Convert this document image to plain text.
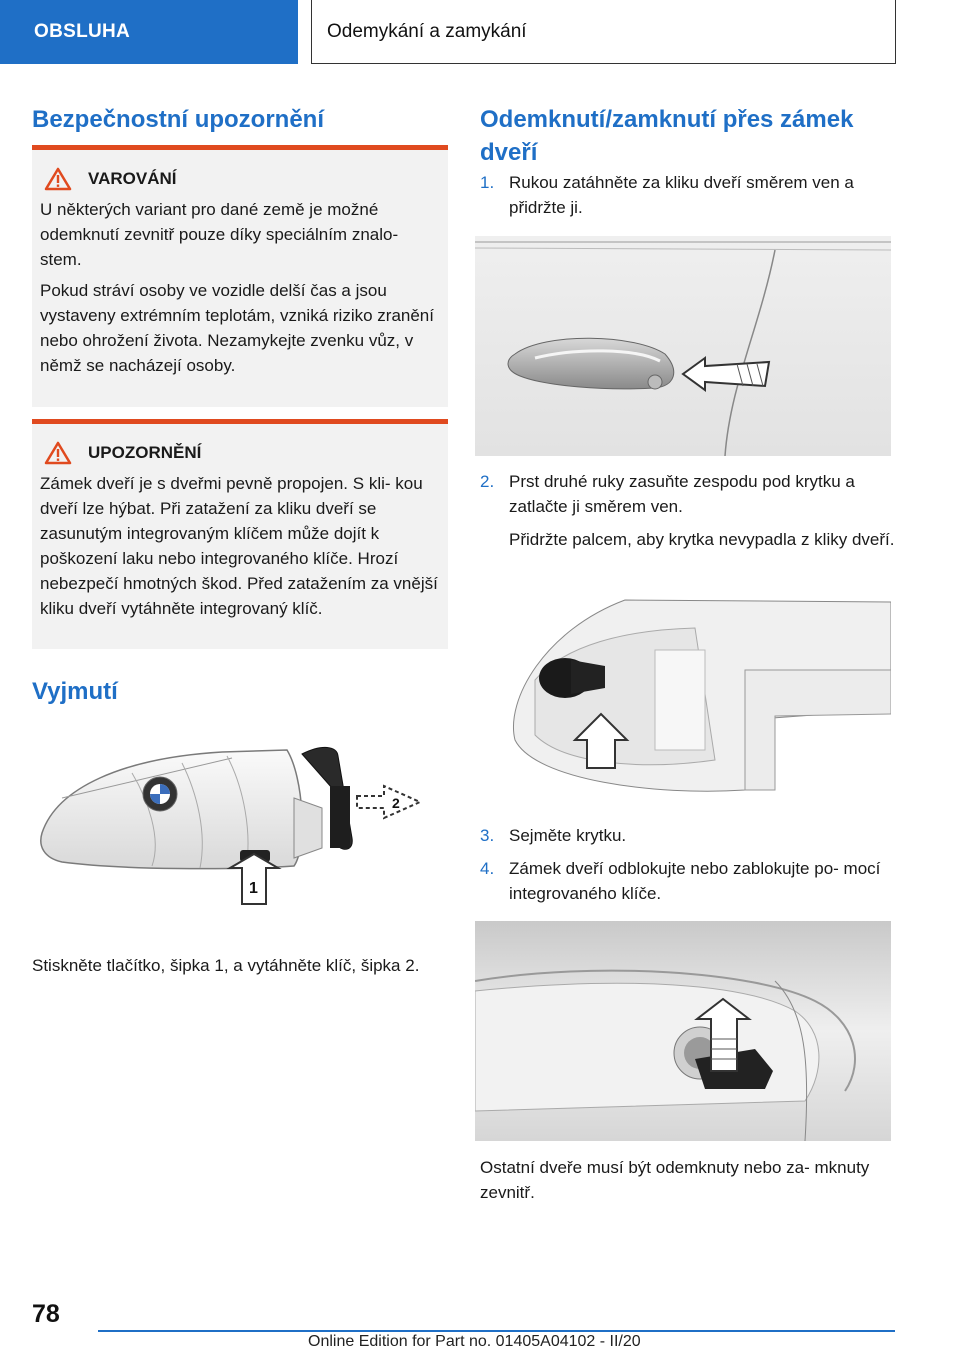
OBSLUHA	Odemykání a zamykání
Bezpečnostní upozornění
VAROVÁNÍ

U některých variant pro dané země je možné odemknutí zevnitř pouze díky speciálním znalo- stem.

Pokud stráví osoby ve vozidle delší čas a jsou vystaveny extrémním teplotám, vzniká riziko zranění nebo ohrožení života. Nezamykejte zvenku vůz, v němž se nacházejí osoby.

UPOZORNĚNÍ

Zámek dveří je s dveřmi pevně propojen. S kli- kou dveří lze hýbat. Při zatažení za kliku dveří se zasunutým integrovaným klíčem může dojít k poškození laku nebo integrovaného klíče. Hrozí nebezpečí hmotných škod. Před zatažením za vnější kliku dveří vytáhněte integrovaný klíč.

Vyjmutí
2
1

Stiskněte tlačítko, šipka 1, a vytáhněte klíč, šipka 2.

Odemknutí/zamknutí přes zámek dveří
1. Rukou zatáhněte za kliku dveří směrem ven a přidržte ji.

2. Prst druhé ruky zasuňte zespodu pod krytku a zatlačte ji směrem ven.

Přidržte palcem, aby krytka nevypadla z kliky dveří.

3. Sejměte krytku.

4. Zámek dveří odblokujte nebo zablokujte po- mocí integrovaného klíče.

Ostatní dveře musí být odemknuty nebo za- mknuty zevnitř.

78
Online Edition for Part no. 01405A04102 - II/20
